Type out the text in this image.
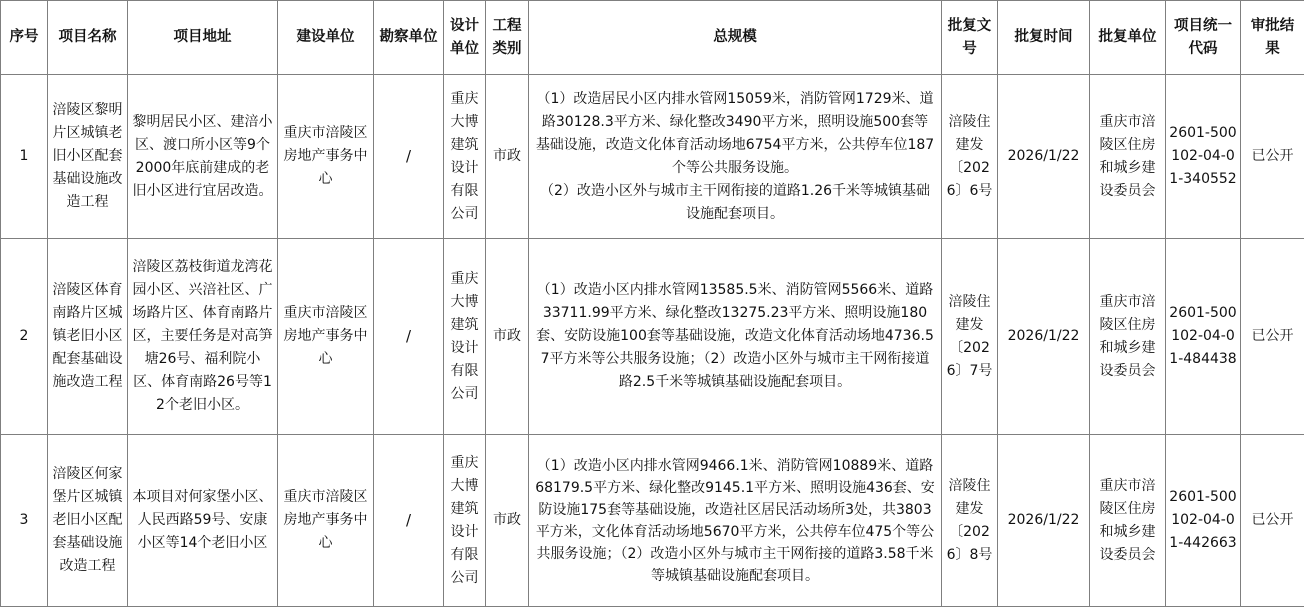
序号	项目名称	项目地址	建设单位	勘察单位	设计单位	工程类别	总规模	批复文号	批复时间	批复单位	项目统一代码	审批结果
1	涪陵区黎明片区城镇老旧小区配套基础设施改造工程	黎明居民小区、建涪小区、渡口所小区等9个2000年底前建成的老旧小区进行宜居改造。	重庆市涪陵区房地产事务中心	/	重庆大博建筑设计有限公司	市政	（1）改造居民小区内排水管网15059米，消防管网1729米、道路30128.3平方米、绿化整改3490平方米，照明设施500套等基础设施，改造文化体育活动场地6754平方米，公共停车位187个等公共服务设施。
（2）改造小区外与城市主干网衔接的道路1.26千米等城镇基础设施配套项目。	涪陵住建发〔2026〕6号	2026/1/22	重庆市涪陵区住房和城乡建设委员会	2601-500102-04-01-340552	已公开
2	涪陵区体育南路片区城镇老旧小区配套基础设施改造工程	涪陵区荔枝街道龙湾花园小区、兴涪社区、广场路片区、体育南路片区，主要任务是对高笋塘26号、福利院小区、体育南路26号等12个老旧小区。	重庆市涪陵区房地产事务中心	/	重庆大博建筑设计有限公司	市政	（1）改造小区内排水管网13585.5米、消防管网5566米、道路33711.99平方米、绿化整改13275.23平方米、照明设施180套、安防设施100套等基础设施，改造文化体育活动场地4736.57平方米等公共服务设施；（2）改造小区外与城市主干网衔接道路2.5千米等城镇基础设施配套项目。	涪陵住建发〔2026〕7号	2026/1/22	重庆市涪陵区住房和城乡建设委员会	2601-500102-04-01-484438	已公开
3	涪陵区何家堡片区城镇老旧小区配套基础设施改造工程	本项目对何家堡小区、人民西路59号、安康小区等14个老旧小区	重庆市涪陵区房地产事务中心	/	重庆大博建筑设计有限公司	市政	（1）改造小区内排水管网9466.1米、消防管网10889米、道路68179.5平方米、绿化整改9145.1平方米、照明设施436套、安防设施175套等基础设施，改造社区居民活动场所3处，共3803平方米，文化体育活动场地5670平方米，公共停车位475个等公共服务设施；（2）改造小区外与城市主干网衔接的道路3.58千米等城镇基础设施配套项目。	涪陵住建发〔2026〕8号	2026/1/22	重庆市涪陵区住房和城乡建设委员会	2601-500102-04-01-442663	已公开
